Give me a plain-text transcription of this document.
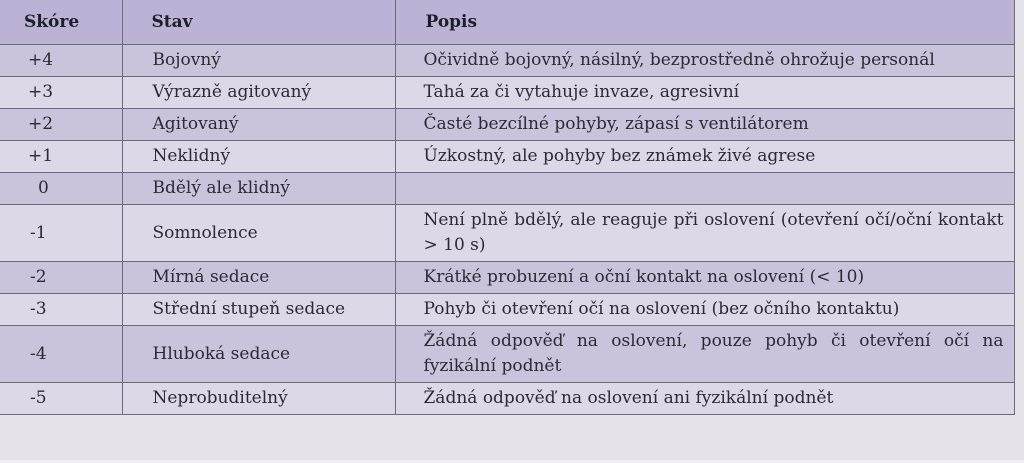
Skóre	Stav	Popis
+4	Bojovný	Očividně bojovný, násilný, bezprostředně ohrožuje personál
+3	Výrazně agitovaný	Tahá za či vytahuje invaze, agresivní
+2	Agitovaný	Časté bezcílné pohyby, zápasí s ventilátorem
+1	Neklidný	Úzkostný, ale pohyby bez známek živé agrese
0	Bdělý ale klidný	
-1	Somnolence	Není plně bdělý, ale reaguje při oslovení (otevření očí/oční kontakt > 10 s)
-2	Mírná sedace	Krátké probuzení a oční kontakt na oslovení (< 10)
-3	Střední stupeň sedace	Pohyb či otevření očí na oslovení (bez očního kontaktu)
-4	Hluboká sedace	Žádná odpověď na oslovení, pouze pohyb či otevření očí na fyzikální podnět
-5	Neprobuditelný	Žádná odpověď na oslovení ani fyzikální podnět
